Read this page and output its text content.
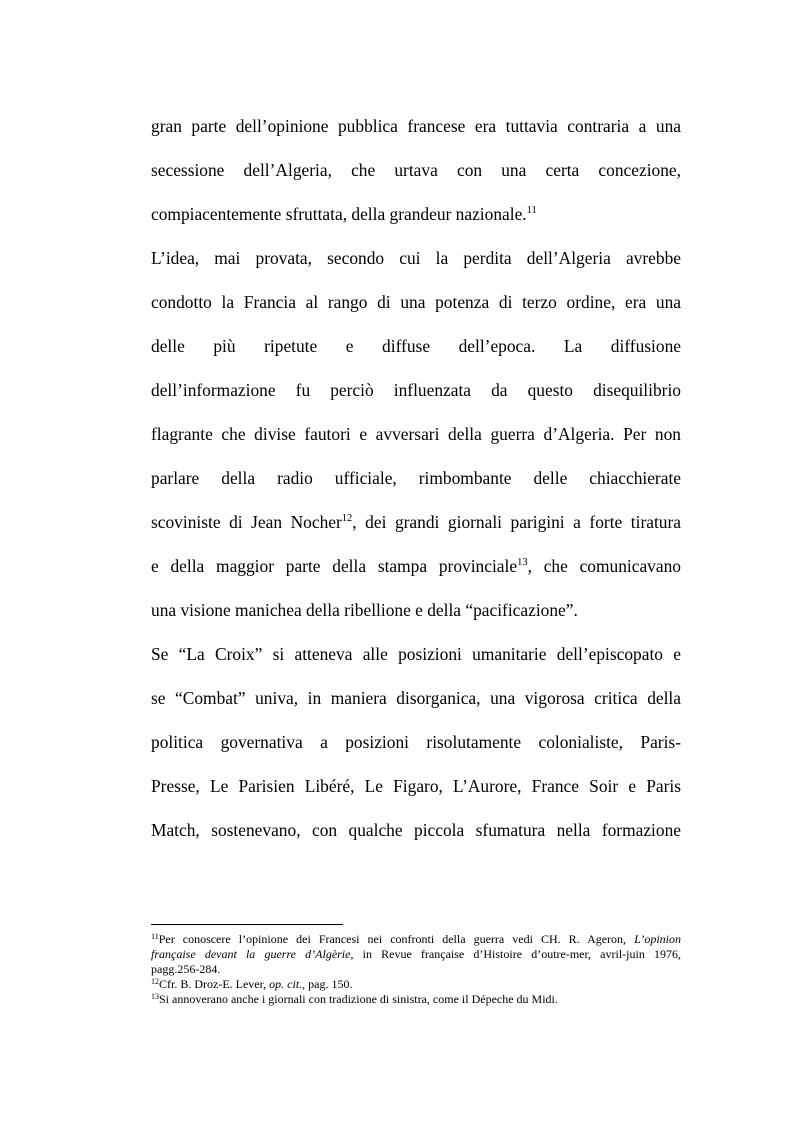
gran parte dell’opinione pubblica francese era tuttavia contraria a una
secessione dell’Algeria, che urtava con una certa concezione,
compiacentemente sfruttata, della grandeur nazionale.$^{11}$
L’idea, mai provata, secondo cui la perdita dell’Algeria avrebbe
condotto la Francia al rango di una potenza di terzo ordine, era una
delle più ripetute e diffuse dell’epoca. La diffusione
dell’informazione fu perciò influenzata da questo disequilibrio
flagrante che divise fautori e avversari della guerra d’Algeria. Per non
parlare della radio ufficiale, rimbombante delle chiacchierate
scoviniste di Jean Nocher$^{12}$, dei grandi giornali parigini a forte tiratura
e della maggior parte della stampa provinciale$^{13}$, che comunicavano
una visione manichea della ribellione e della “pacificazione”.
Se “La Croix” si atteneva alle posizioni umanitarie dell’episcopato e
se “Combat” univa, in maniera disorganica, una vigorosa critica della
politica governativa a posizioni risolutamente colonialiste, Paris-
Presse, Le Parisien Libéré, Le Figaro, L’Aurore, France Soir e Paris
Match, sostenevano, con qualche piccola sfumatura nella formazione
$^{11}$Per conoscere l’opinione dei Francesi nei confronti della guerra vedi CH. R. Ageron, L’opinion
française devant la guerre d’Algèrie, in Revue française d’Histoire d’outre-mer, avril-juin 1976,
pagg.256-284.
$^{12}$Cfr. B. Droz-E. Lever, op. cit., pag. 150.
$^{13}$Si annoverano anche i giornali con tradizione di sinistra, come il Dépeche du Midi.
